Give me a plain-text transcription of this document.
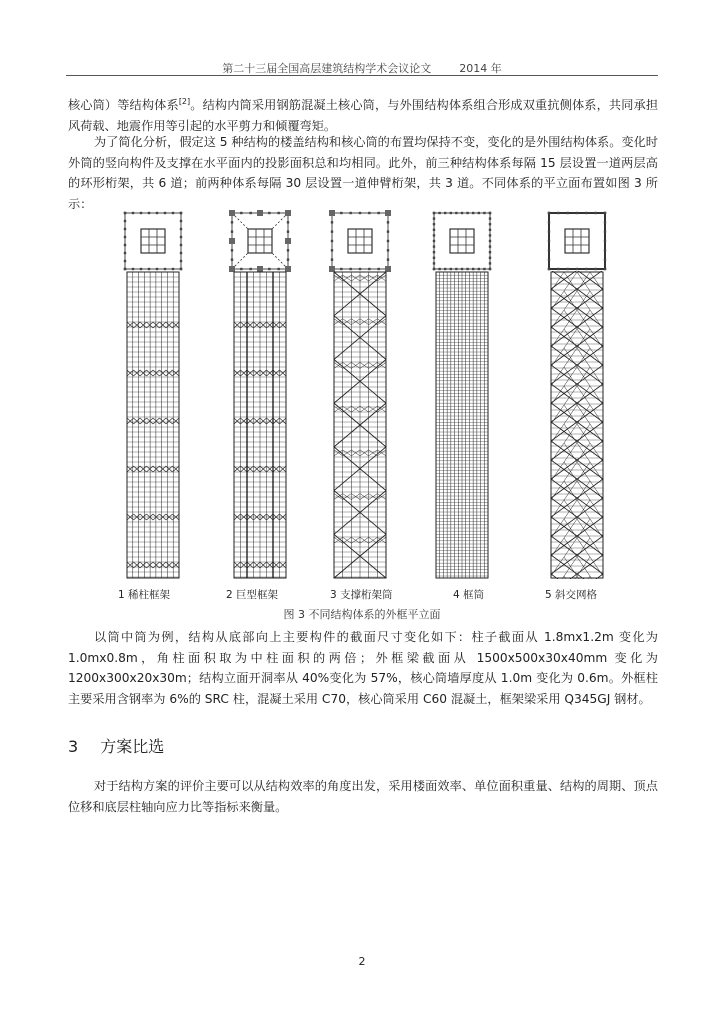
第二十三届全国高层建筑结构学术会议论文	2014 年

核心筒）等结构体系[2]。结构内筒采用钢筋混凝土核心筒，与外围结构体系组合形成双重抗侧体系，共同承担风荷载、地震作用等引起的水平剪力和倾覆弯矩。

为了简化分析，假定这 5 种结构的楼盖结构和核心筒的布置均保持不变，变化的是外围结构体系。变化时外筒的竖向构件及支撑在水平面内的投影面积总和均相同。此外，前三种结构体系每隔 15 层设置一道两层高的环形桁架，共 6 道；前两种体系每隔 30 层设置一道伸臂桁架，共 3 道。不同体系的平立面布置如图 3 所示：

1 稀柱框架	2 巨型框架	3 支撑桁架筒	4 框筒	5 斜交网格
图 3 不同结构体系的外框平立面

以筒中筒为例，结构从底部向上主要构件的截面尺寸变化如下：柱子截面从 1.8mx1.2m 变化为 1.0mx0.8m，角柱面积取为中柱面积的两倍；外框梁截面从 1500x500x30x40mm 变化为 1200x300x20x30m；结构立面开洞率从 40%变化为 57%，核心筒墙厚度从 1.0m 变化为 0.6m。外框柱主要采用含钢率为 6%的 SRC 柱，混凝土采用 C70，核心筒采用 C60 混凝土，框架梁采用 Q345GJ 钢材。

3 方案比选

对于结构方案的评价主要可以从结构效率的角度出发，采用楼面效率、单位面积重量、结构的周期、顶点位移和底层柱轴向应力比等指标来衡量。

2
